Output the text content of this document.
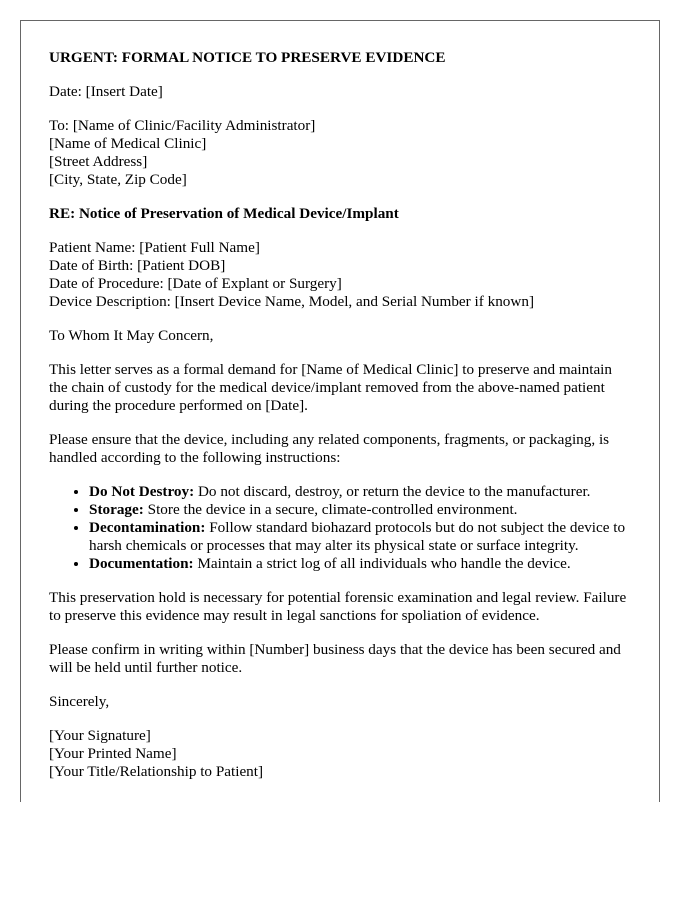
URGENT: FORMAL NOTICE TO PRESERVE EVIDENCE

Date: [Insert Date]

To: [Name of Clinic/Facility Administrator]
[Name of Medical Clinic]
[Street Address]
[City, State, Zip Code]
RE: Notice of Preservation of Medical Device/Implant
Patient Name: [Patient Full Name]
Date of Birth: [Patient DOB]
Date of Procedure: [Date of Explant or Surgery]
Device Description: [Insert Device Name, Model, and Serial Number if known]

To Whom It May Concern,

This letter serves as a formal demand for [Name of Medical Clinic] to preserve and maintain the chain of custody for the medical device/implant removed from the above-named patient during the procedure performed on [Date].

Please ensure that the device, including any related components, fragments, or packaging, is handled according to the following instructions:

• Do Not Destroy: Do not discard, destroy, or return the device to the manufacturer.
• Storage: Store the device in a secure, climate-controlled environment.
• Decontamination: Follow standard biohazard protocols but do not subject the device to harsh chemicals or processes that may alter its physical state or surface integrity.
• Documentation: Maintain a strict log of all individuals who handle the device.

This preservation hold is necessary for potential forensic examination and legal review. Failure to preserve this evidence may result in legal sanctions for spoliation of evidence.

Please confirm in writing within [Number] business days that the device has been secured and will be held until further notice.

Sincerely,

[Your Signature]
[Your Printed Name]
[Your Title/Relationship to Patient]
